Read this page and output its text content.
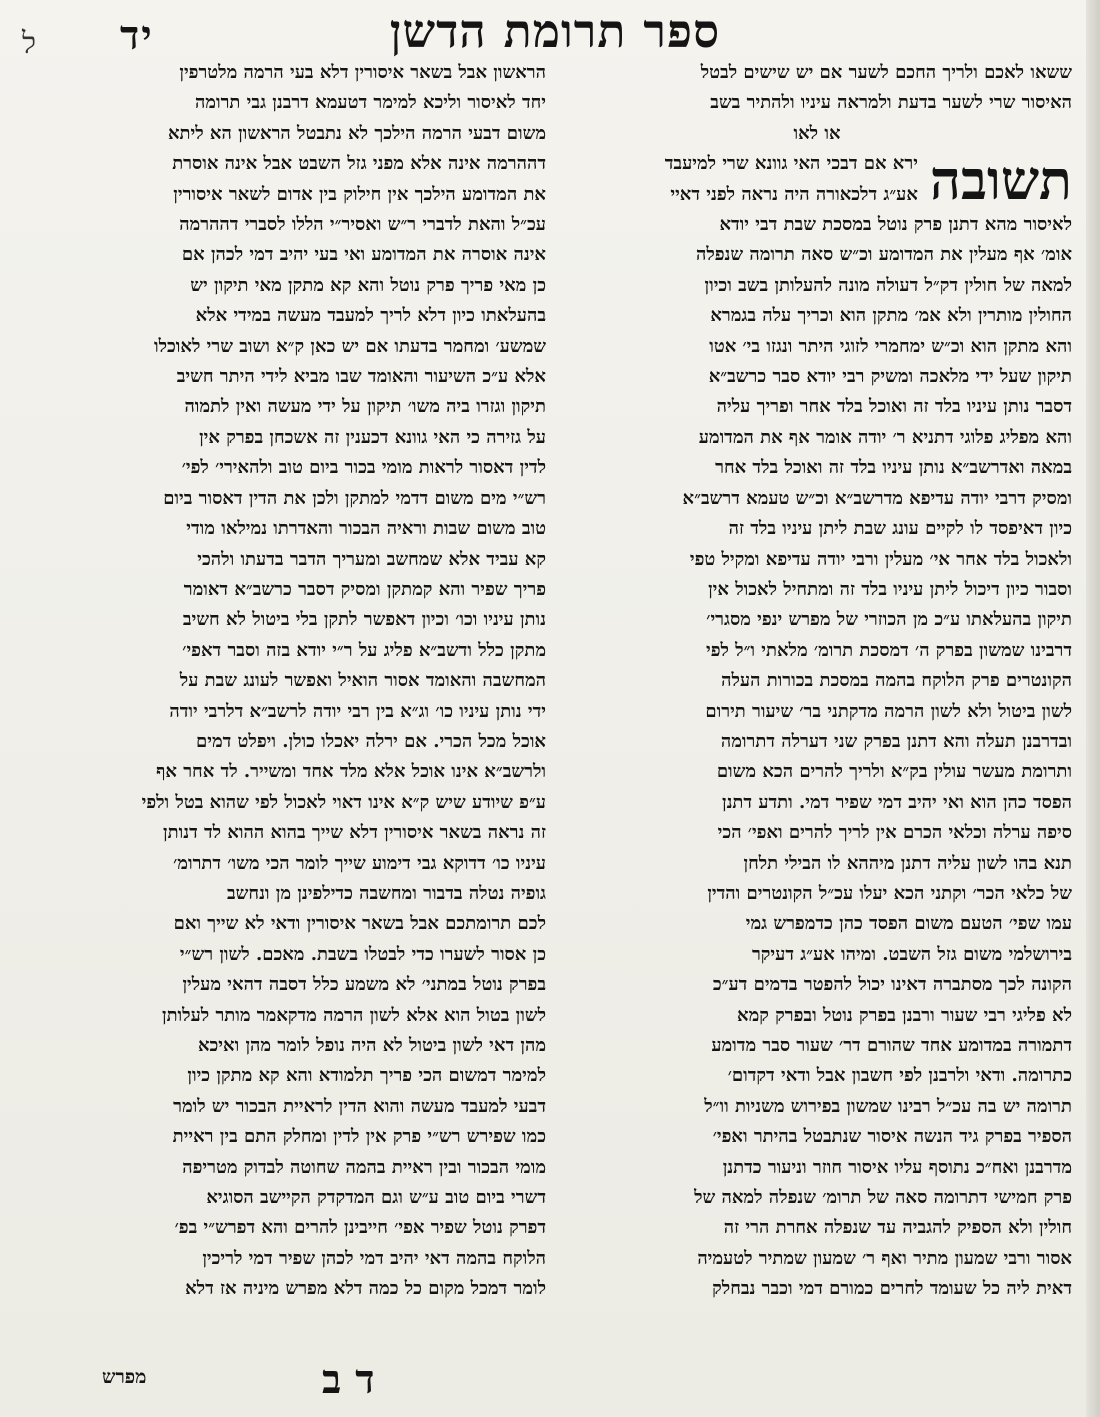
ל יד	ספר תרומת הדשן

ששאו לאכם ולריך החכם לשער אם יש שישים לבטל

האיסור שרי לשער בדעת ולמראה עיניו ולהתיר בשב

או לאו

תשובה

ירא אם דבכי האי גוונא שרי למיעבד

אע״ג דלכאורה היה נראה לפני דאיי

לאיסור מהא דתנן פרק נוטל במסכת שבת דבי יודא

אומ׳ אף מעלין את המדומע וכ״ש סאה תרומה שנפלה

למאה של חולין דק״ל דעולה מונה להעלותן בשב וכיון

החולין מותרין ולא אמ׳ מתקן הוא וכריך עלה בגמרא

והא מתקן הוא וכ״ש ימחמרי לזוגי היתר ונגזו בי׳ אטו

תיקון שעל ידי מלאכה ומשיק רבי יודא סבר כרשב״א

דסבר נותן עיניו בלד זה ואוכל בלד אחר ופריך עליה

והא מפליג פלוגי דתניא ר׳ יודה אומר אף את המדומע

במאה ואדרשב״א נותן עיניו בלד זה ואוכל בלד אחר

ומסיק דרבי יודה עדיפא מדרשב״א וכ״ש טעמא דרשב״א

כיון דאיפסד לו לקיים עונג שבת ליתן עיניו בלד זה

ולאכול בלד אחר אי׳ מעלין ורבי יודה עדיפא ומקיל טפי

וסבור כיון דיכול ליתן עיניו בלד זה ומתחיל לאכול אין

תיקון בהעלאתו ע״כ מן הכוזרי של מפרש ינפי מסגרי׳

דרבינו שמשון בפרק ה׳ דמסכת תרומ׳ מלאתי ו״ל לפי

הקונטרים פרק הלוקח בהמה במסכת בכורות העלה

לשון ביטול ולא לשון הרמה מדקתני בר׳ שיעור תירום

ובדרבנן תעלה והא דתנן בפרק שני דערלה דתרומה

ותרומת מעשר עולין בק״א ולריך להרים הכא משום

הפסד כהן הוא ואי יהיב דמי שפיר דמי. ותדע דתנן

סיפה ערלה וכלאי הכרם אין לריך להרים ואפי׳ הכי

תנא בהו לשון עליה דתנן מיההא לו הבילי תלחן

של כלאי הכר׳ וקתני הכא יעלו עכ״ל הקונטרים והדין

עמו שפי׳ הטעם משום הפסד כהן כדמפרש גמי

בירושלמי משום גזל השבט. ומיהו אע״ג דעיקר

הקונה לכך מסתברה דאינו יכול להפטר בדמים דע״כ

לא פליגי רבי שעור ורבנן בפרק נוטל ובפרק קמא

דתמורה במדומע אחד שהורם דר׳ שעור סבר מדומע

כתרומה. ודאי ולרבנן לפי חשבון אבל ודאי דקדום׳

תרומה יש בה עכ״ל רבינו שמשון בפירוש משניות וו״ל

הספיר בפרק גיד הנשה איסור שנתבטל בהיתר ואפי׳

מדרבנן ואח״כ נתוסף עליו איסור חוזר וניעור כדתנן

פרק חמישי דתרומה סאה של תרומ׳ שנפלה למאה של

חולין ולא הספיק להגביה עד שנפלה אחרת הרי זה

אסור ורבי שמעון מתיר ואף ר׳ שמעון שמתיר לטעמיה

דאית ליה כל שעומד לחרים כמורם דמי וכבר נבחלק

הראשון אבל בשאר איסורין דלא בעי הרמה מלטרפין

יחד לאיסור וליכא למימר דטעמא דרבנן גבי תרומה

משום דבעי הרמה הילכך לא נתבטל הראשון הא ליתא

דההרמה אינה אלא מפני גזל השבט אבל אינה אוסרת

את המדומע הילכך אין חילוק בין אדום לשאר איסורין

עכ״ל והאת לדברי ר״ש ואסיר״י הללו לסברי דההרמה

אינה אוסרה את המדומע ואי בעי יהיב דמי לכהן אם

כן מאי פריך פרק נוטל והא קא מתקן מאי תיקון יש

בהעלאתו כיון דלא לריך למעבד מעשה במידי אלא

שמשע׳ ומחמר בדעתו אם יש כאן ק״א ושוב שרי לאוכלו

אלא ע״כ השיעור והאומד שבו מביא לידי היתר חשיב

תיקון וגזרו ביה משו׳ תיקון על ידי מעשה ואין לתמוה

על גזירה כי האי גוונא דכענין זה אשכחן בפרק אין

לדין דאסור לראות מומי בכור ביום טוב ולהאירי׳ לפי׳

רש״י מים משום דדמי למתקן ולכן את הדין דאסור ביום

טוב משום שבות וראיה הבכור והאדרתו נמילאו מודי

קא עביד אלא שמחשב ומעריך הדבר בדעתו ולהכי

פריך שפיר והא קמתקן ומסיק דסבר כרשב״א דאומר

נותן עיניו וכו׳ וכיון דאפשר לתקן בלי ביטול לא חשיב

מתקן כלל ודשב״א פליג על ר״י יודא בזה וסבר דאפי׳

המחשבה והאומד אסור הואיל ואפשר לעונג שבת על

ידי נותן עיניו כו׳ וג״א בין רבי יודה לרשב״א דלרבי יודה

אוכל מכל הכרי. אם ירלה יאכלו כולן. ויפלט דמים

ולרשב״א אינו אוכל אלא מלד אחד ומשייר. לד אחר אף

ע״פ שיודע שיש ק״א אינו דאוי לאכול לפי שהוא בטל ולפי

זה נראה בשאר איסורין דלא שייך בהוא ההוא לד דנותן

עיניו כו׳ דדוקא גבי דימוע שייך לומר הכי משו׳ דתרומ׳

גופיה נטלה בדבור ומחשבה כדילפינן מן ונחשב

לכם תרומתכם אבל בשאר איסורין ודאי לא שייך ואם

כן אסור לשערו כדי לבטלו בשבת. מאכם. לשון רש״י

בפרק נוטל במתני׳ לא משמע כלל דסבה דהאי מעלין

לשון בטול הוא אלא לשון הרמה מדקאמר מותר לעלותן

מהן דאי לשון ביטול לא היה נופל לומר מהן ואיכא

למימר דמשום הכי פריך תלמודא והא קא מתקן כיון

דבעי למעבד מעשה והוא הדין לראיית הבכור יש לומר

כמו שפירש רש״י פרק אין לדין ומחלק התם בין ראיית

מומי הבכור ובין ראיית בהמה שחוטה לבדוק מטריפה

דשרי ביום טוב ע״ש וגם המדקדק הקיישב הסוגיא

דפרק נוטל שפיר אפי׳ חייבינן להרים והא דפרש״י בפ׳

הלוקח בהמה דאי יהיב דמי לכהן שפיר דמי לריכין

לומר דמכל מקום כל כמה דלא מפרש מיניה אז דלא

מפרש	ד ב
